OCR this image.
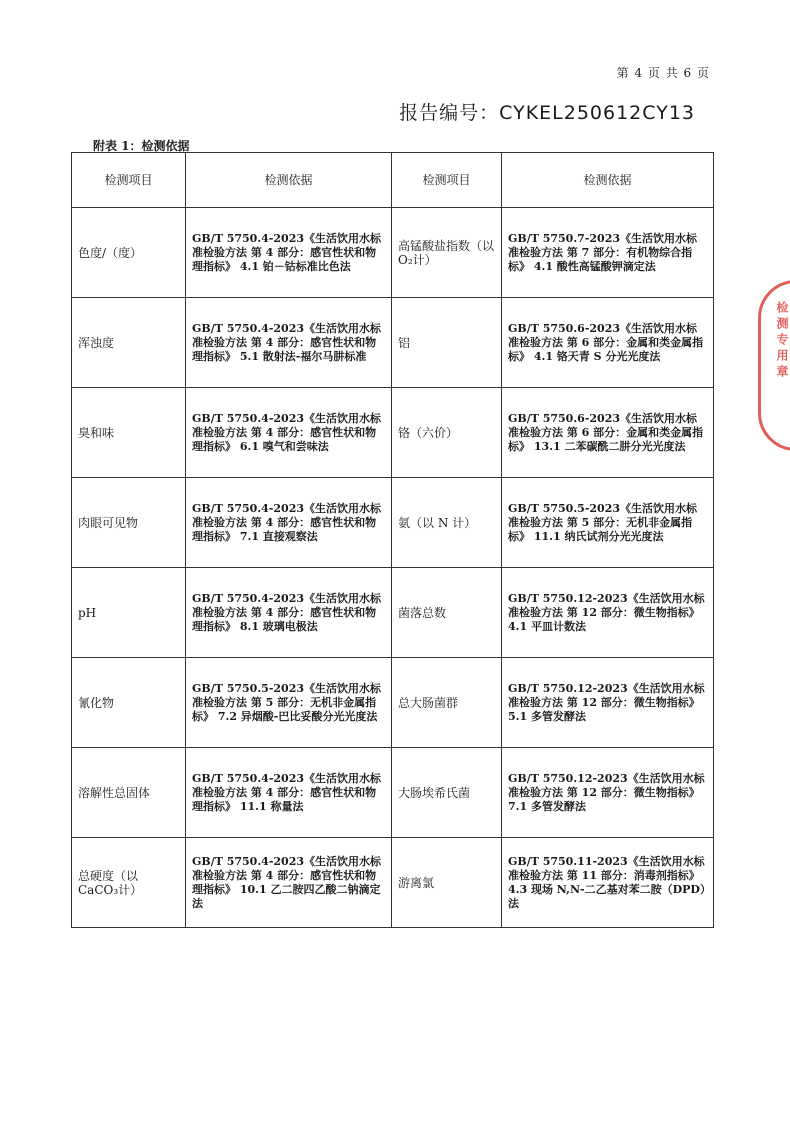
第 4 页 共 6 页
报告编号：CYKEL250612CY13
附表 1：检测依据
检测项目	检测依据	检测项目	检测依据
色度/（度）	GB/T 5750.4-2023《生活饮用水标准检验方法 第 4 部分：感官性状和物理指标》 4.1 铂－钴标准比色法	高锰酸盐指数（以O₂计）	GB/T 5750.7-2023《生活饮用水标准检验方法 第 7 部分：有机物综合指标》 4.1 酸性高锰酸钾滴定法
浑浊度	GB/T 5750.4-2023《生活饮用水标准检验方法 第 4 部分：感官性状和物理指标》 5.1 散射法-福尔马肼标准	铝	GB/T 5750.6-2023《生活饮用水标准检验方法 第 6 部分：金属和类金属指标》 4.1 铬天青 S 分光光度法
臭和味	GB/T 5750.4-2023《生活饮用水标准检验方法 第 4 部分：感官性状和物理指标》 6.1 嗅气和尝味法	铬（六价）	GB/T 5750.6-2023《生活饮用水标准检验方法 第 6 部分：金属和类金属指标》 13.1 二苯碳酰二肼分光光度法
肉眼可见物	GB/T 5750.4-2023《生活饮用水标准检验方法 第 4 部分：感官性状和物理指标》 7.1 直接观察法	氨（以 N 计）	GB/T 5750.5-2023《生活饮用水标准检验方法 第 5 部分：无机非金属指标》 11.1 纳氏试剂分光光度法
pH	GB/T 5750.4-2023《生活饮用水标准检验方法 第 4 部分：感官性状和物理指标》 8.1 玻璃电极法	菌落总数	GB/T 5750.12-2023《生活饮用水标准检验方法 第 12 部分：微生物指标》 4.1 平皿计数法
氰化物	GB/T 5750.5-2023《生活饮用水标准检验方法 第 5 部分：无机非金属指标》 7.2 异烟酸-巴比妥酸分光光度法	总大肠菌群	GB/T 5750.12-2023《生活饮用水标准检验方法 第 12 部分：微生物指标》 5.1 多管发酵法
溶解性总固体	GB/T 5750.4-2023《生活饮用水标准检验方法 第 4 部分：感官性状和物理指标》 11.1 称量法	大肠埃希氏菌	GB/T 5750.12-2023《生活饮用水标准检验方法 第 12 部分：微生物指标》 7.1 多管发酵法
总硬度（以 CaCO₃计）	GB/T 5750.4-2023《生活饮用水标准检验方法 第 4 部分：感官性状和物理指标》 10.1 乙二胺四乙酸二钠滴定法	游离氯	GB/T 5750.11-2023《生活饮用水标准检验方法 第 11 部分：消毒剂指标》 4.3 现场 N,N-二乙基对苯二胺（DPD）法
检测专用章
